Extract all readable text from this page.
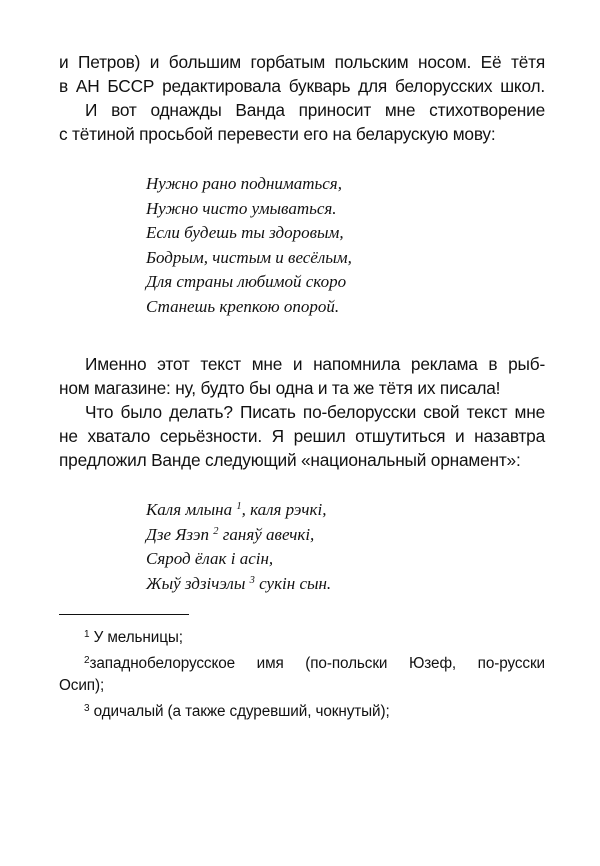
и Петров) и большим горбатым польским носом. Её тётя
в АН БССР редактировала букварь для белорусских школ.

И вот однажды Ванда приносит мне стихотворение
с тётиной просьбой перевести его на беларускую мову:

Нужно рано подниматься,
Нужно чисто умываться.
Если будешь ты здоровым,
Бодрым, чистым и весёлым,
Для страны любимой скоро
Станешь крепкою опорой.

Именно этот текст мне и напомнила реклама в рыб-
ном магазине: ну, будто бы одна и та же тётя их писала!

Что было делать? Писать по-белорусски свой текст мне
не хватало серьёзности. Я решил отшутиться и назавтра
предложил Ванде следующий «национальный орнамент»:

Каля млына $^1$, каля рэчкі,
Дзе Язэп $^2$ ганяў авечкі,
Сярод ёлак і асін,
Жыў здзічэлы $^3$ сукін сын.

$^1$ У мельницы;

$^2$западнобелорусское имя (по-польски Юзеф, по-русски
Осип);

$^3$ одичалый (а также сдуревший, чокнутый);
